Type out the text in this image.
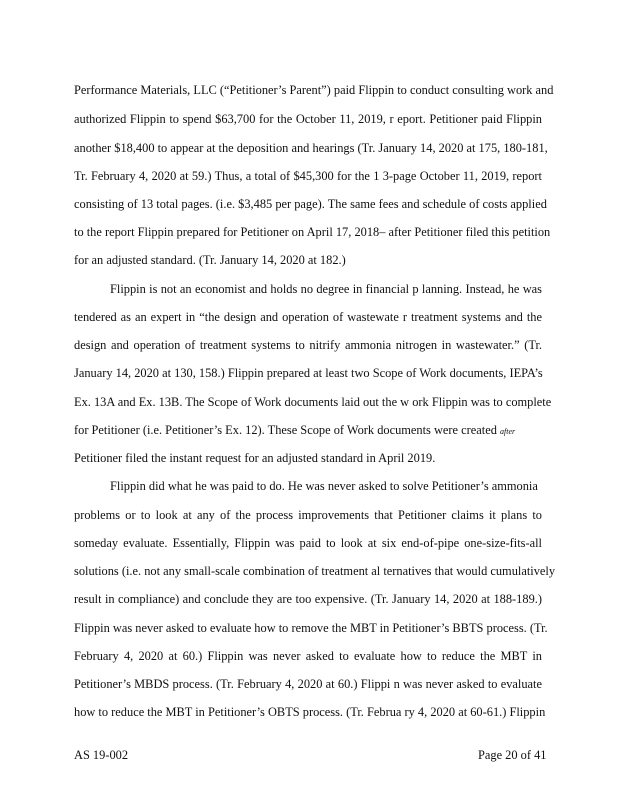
Performance Materials, LLC (“Petitioner’s Parent”) paid Flippin to conduct consulting work and
authorized Flippin to spend $63,700 for the October 11, 2019, r eport. Petitioner paid Flippin
another $18,400 to appear at the deposition and hearings (Tr. January 14, 2020 at 175, 180-181,
Tr. February 4, 2020 at 59.) Thus, a total of $45,300 for the 1 3-page October 11, 2019, report
consisting of 13 total pages. (i.e. $3,485 per page). The same fees and schedule of costs applied
to the report Flippin prepared for Petitioner on April 17, 2018– after Petitioner filed this petition
for an adjusted standard. (Tr. January 14, 2020 at 182.)
Flippin is not an economist and holds no degree in financial p lanning. Instead, he was
tendered as an expert in “the design and operation of wastewate r treatment systems and the
design and operation of treatment systems to nitrify ammonia nitrogen in wastewater.” (Tr.
January 14, 2020 at 130, 158.) Flippin prepared at least two Scope of Work documents, IEPA’s
Ex. 13A and Ex. 13B. The Scope of Work documents laid out the w ork Flippin was to complete
for Petitioner (i.e. Petitioner’s Ex. 12). These Scope of Work documents were created after
Petitioner filed the instant request for an adjusted standard in April 2019.
Flippin did what he was paid to do. He was never asked to solve Petitioner’s ammonia
problems or to look at any of the process improvements that Petitioner claims it plans to
someday evaluate. Essentially, Flippin was paid to look at six end-of-pipe one-size-fits-all
solutions (i.e. not any small-scale combination of treatment al ternatives that would cumulatively
result in compliance) and conclude they are too expensive. (Tr. January 14, 2020 at 188-189.)
Flippin was never asked to evaluate how to remove the MBT in Petitioner’s BBTS process. (Tr.
February 4, 2020 at 60.) Flippin was never asked to evaluate how to reduce the MBT in
Petitioner’s MBDS process. (Tr. February 4, 2020 at 60.) Flippi n was never asked to evaluate
how to reduce the MBT in Petitioner’s OBTS process. (Tr. Februa ry 4, 2020 at 60-61.) Flippin
AS 19-002	Page 20 of 41
